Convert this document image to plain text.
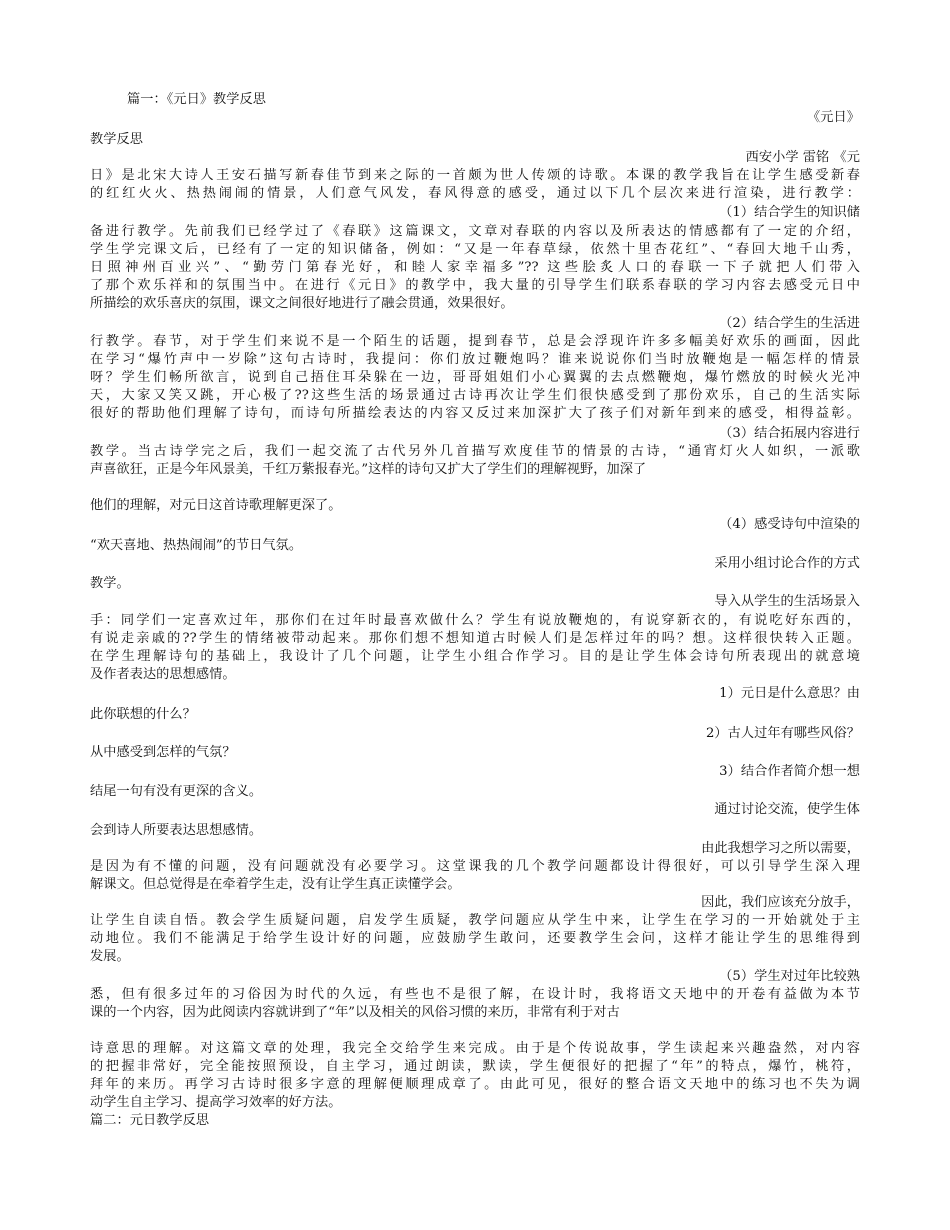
篇一：《元日》教学反思
《元日》
教学反思
西安小学 雷铭 《元
日》是北宋大诗人王安石描写新春佳节到来之际的一首颇为世人传颂的诗歌。本课的教学我旨在让学生感受新春
的红红火火、热热闹闹的情景，人们意气风发，春风得意的感受，通过以下几个层次来进行渲染，进行教学：
（1）结合学生的知识储
备进行教学。先前我们已经学过了《春联》这篇课文，文章对春联的内容以及所表达的情感都有了一定的介绍，
学生学完课文后，已经有了一定的知识储备，例如：“又是一年春草绿，依然十里杏花红”、“春回大地千山秀，
日照神州百业兴”、“勤劳门第春光好，和睦人家幸福多”?? 这些脍炙人口的春联一下子就把人们带入
了那个欢乐祥和的氛围当中。在进行《元日》的教学中，我大量的引导学生们联系春联的学习内容去感受元日中
所描绘的欢乐喜庆的氛围，课文之间很好地进行了融会贯通，效果很好。
（2）结合学生的生活进
行教学。春节，对于学生们来说不是一个陌生的话题，提到春节，总是会浮现许许多多幅美好欢乐的画面，因此
在学习“爆竹声中一岁除”这句古诗时，我提问：你们放过鞭炮吗？谁来说说你们当时放鞭炮是一幅怎样的情景
呀？学生们畅所欲言，说到自己捂住耳朵躲在一边，哥哥姐姐们小心翼翼的去点燃鞭炮，爆竹燃放的时候火光冲
天，大家又笑又跳，开心极了??这些生活的场景通过古诗再次让学生们很快感受到了那份欢乐，自己的生活实际
很好的帮助他们理解了诗句，而诗句所描绘表达的内容又反过来加深扩大了孩子们对新年到来的感受，相得益彰。
（3）结合拓展内容进行
教学。当古诗学完之后，我们一起交流了古代另外几首描写欢度佳节的情景的古诗，“通宵灯火人如织，一派歌
声喜欲狂，正是今年风景美，千红万紫报春光。”这样的诗句又扩大了学生们的理解视野，加深了
他们的理解，对元日这首诗歌理解更深了。
（4）感受诗句中渲染的
“欢天喜地、热热闹闹”的节日气氛。
采用小组讨论合作的方式
教学。
导入从学生的生活场景入
手：同学们一定喜欢过年，那你们在过年时最喜欢做什么？学生有说放鞭炮的，有说穿新衣的，有说吃好东西的，
有说走亲戚的??学生的情绪被带动起来。那你们想不想知道古时候人们是怎样过年的吗？想。这样很快转入正题。
在学生理解诗句的基础上，我设计了几个问题，让学生小组合作学习。目的是让学生体会诗句所表现出的就意境
及作者表达的思想感情。
1）元日是什么意思？由
此你联想的什么？
2）古人过年有哪些风俗？
从中感受到怎样的气氛？
3）结合作者简介想一想
结尾一句有没有更深的含义。
通过讨论交流，使学生体
会到诗人所要表达思想感情。
由此我想学习之所以需要，
是因为有不懂的问题，没有问题就没有必要学习。这堂课我的几个教学问题都设计得很好，可以引导学生深入理
解课文。但总觉得是在牵着学生走，没有让学生真正读懂学会。
因此，我们应该充分放手，
让学生自读自悟。教会学生质疑问题，启发学生质疑，教学问题应从学生中来，让学生在学习的一开始就处于主
动地位。我们不能满足于给学生设计好的问题，应鼓励学生敢问，还要教学生会问，这样才能让学生的思维得到
发展。
（5）学生对过年比较熟
悉，但有很多过年的习俗因为时代的久远，有些也不是很了解，在设计时，我将语文天地中的开卷有益做为本节
课的一个内容，因为此阅读内容就讲到了“年”以及相关的风俗习惯的来历，非常有利于对古
诗意思的理解。对这篇文章的处理，我完全交给学生来完成。由于是个传说故事，学生读起来兴趣盎然，对内容
的把握非常好，完全能按照预设，自主学习，通过朗读，默读，学生便很好的把握了“年”的特点，爆竹，桃符，
拜年的来历。再学习古诗时很多字意的理解便顺理成章了。由此可见，很好的整合语文天地中的练习也不失为调
动学生自主学习、提高学习效率的好方法。
篇二：元日教学反思
